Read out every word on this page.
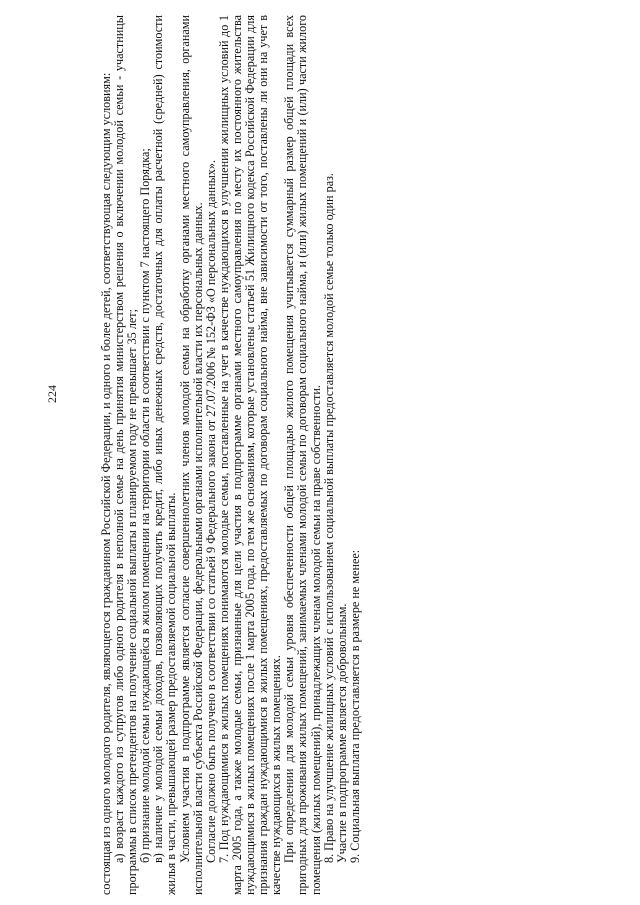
224	состоящая из одного молодого родителя, являющегося гражданином Российской Федерации, и одного и более детей, соответствующая следующим условиям: а) возраст каждого из супругов либо одного родителя в неполной семье на день принятия министерством решения о включении молодой семьи - участницы программы в список претендентов на получение социальной выплаты в планируемом году не превышает 35 лет; б) признание молодой семьи нуждающейся в жилом помещении на территории области в соответствии с пунктом 7 настоящего Порядка; в) наличие у молодой семьи доходов, позволяющих получить кредит, либо иных денежных средств, достаточных для оплаты расчетной (средней) стоимости жилья в части, превышающей размер предоставляемой социальной выплаты. Условием участия в подпрограмме является согласие совершеннолетних членов молодой семьи на обработку органами местного самоуправления, органами исполнительной власти субъекта Российской Федерации, федеральными органами исполнительной власти их персональных данных. Согласие должно быть получено в соответствии со статьей 9 Федерального закона от 27.07.2006 № 152-ФЗ «О персональных данных». 7. Под нуждающимися в жилых помещениях понимаются молодые семьи, поставленные на учет в качестве нуждающихся в улучшении жилищных условий до 1 марта 2005 года, а также молодые семьи, признанные для цели участия в подпрограмме органами местного самоуправления по месту их постоянного жительства нуждающимися в жилых помещениях после 1 марта 2005 года, по тем же основаниям, которые установлены статьей 51 Жилищного кодекса Российской Федерации для признания граждан нуждающимися в жилых помещениях, предоставляемых по договорам социального найма, вне зависимости от того, поставлены ли они на учет в качестве нуждающихся в жилых помещениях. При определении для молодой семьи уровня обеспеченности общей площадью жилого помещения учитывается суммарный размер общей площади всех пригодных для проживания жилых помещений, занимаемых членами молодой семьи по договорам социального найма, и (или) жилых помещений и (или) части жилого помещения (жилых помещений), принадлежащих членам молодой семьи на праве собственности. 8. Право на улучшение жилищных условий с использованием социальной выплаты предоставляется молодой семье только один раз. Участие в подпрограмме является добровольным. 9. Социальная выплата предоставляется в размере не менее:
